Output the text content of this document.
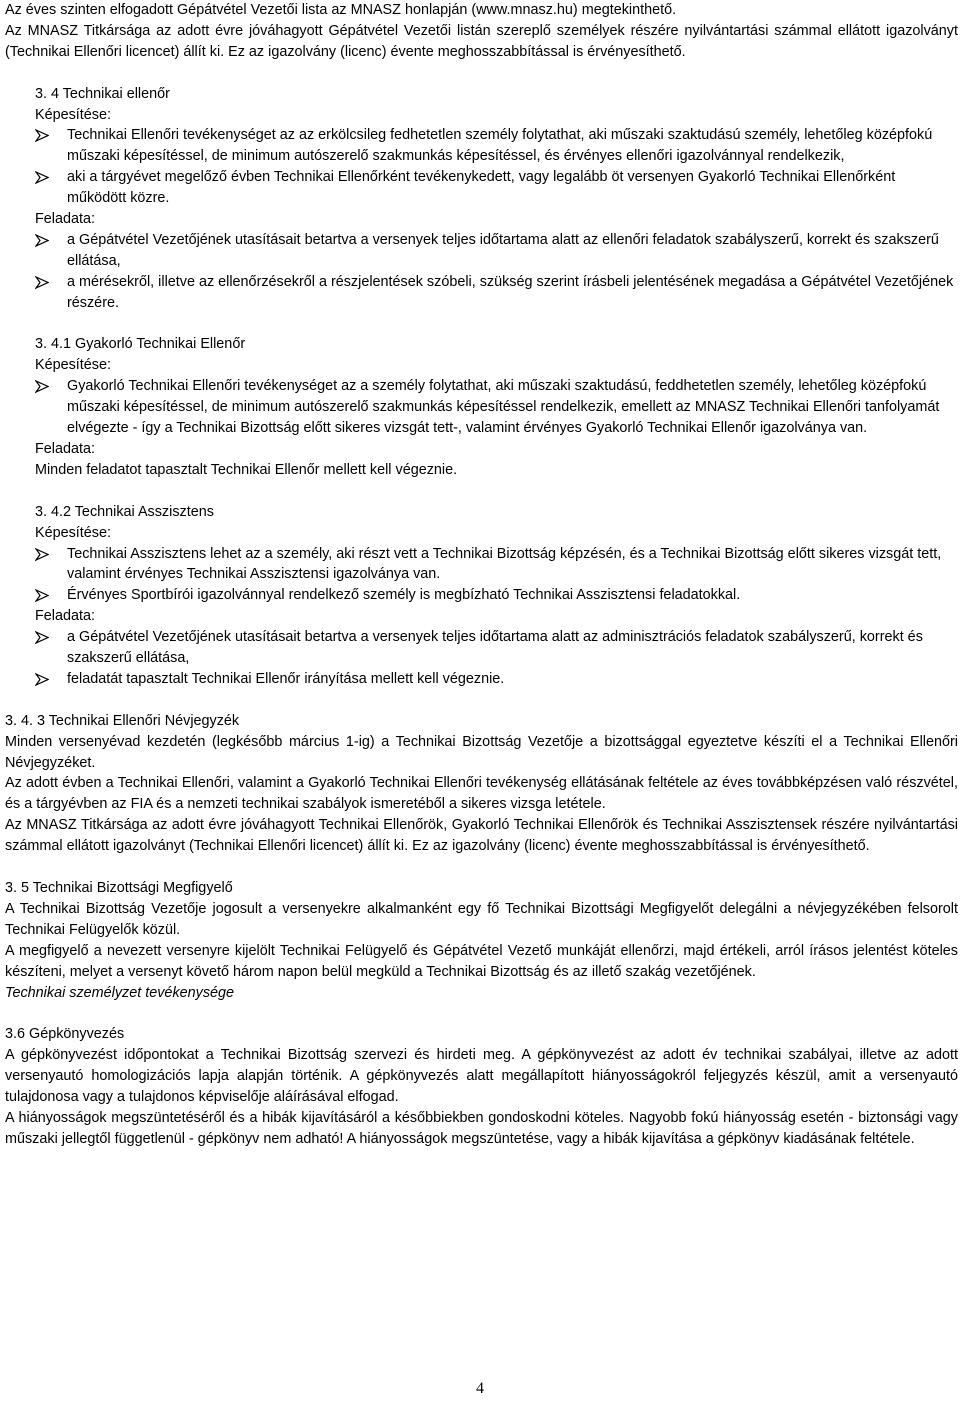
Az éves szinten elfogadott Gépátvétel Vezetői lista az MNASZ honlapján (www.mnasz.hu) megtekinthető.

Az MNASZ Titkársága az adott évre jóváhagyott Gépátvétel Vezetői listán szereplő személyek részére nyilvántartási számmal ellátott igazolványt (Technikai Ellenőri licencet) állít ki. Ez az igazolvány (licenc) évente meghosszabbítással is érvényesíthető.

3. 4 Technikai ellenőr

Képesítése:

Technikai Ellenőri tevékenységet az az erkölcsileg fedhetetlen személy folytathat, aki műszaki szaktudású személy, lehetőleg középfokú műszaki képesítéssel, de minimum autószerelő szakmunkás képesítéssel, és érvényes ellenőri igazolvánnyal rendelkezik,
aki a tárgyévet megelőző évben Technikai Ellenőrként tevékenykedett, vagy legalább öt versenyen Gyakorló Technikai Ellenőrként működött közre.

Feladata:

a Gépátvétel Vezetőjének utasításait betartva a versenyek teljes időtartama alatt az ellenőri feladatok szabályszerű, korrekt és szakszerű ellátása,
a mérésekről, illetve az ellenőrzésekről a részjelentések szóbeli, szükség szerint írásbeli jelentésének megadása a Gépátvétel Vezetőjének részére.

3. 4.1 Gyakorló Technikai Ellenőr

Képesítése:

Gyakorló Technikai Ellenőri tevékenységet az a személy folytathat, aki műszaki szaktudású, feddhetetlen személy, lehetőleg középfokú műszaki képesítéssel, de minimum autószerelő szakmunkás képesítéssel rendelkezik, emellett az MNASZ Technikai Ellenőri tanfolyamát elvégezte - így a Technikai Bizottság előtt sikeres vizsgát tett-, valamint érvényes Gyakorló Technikai Ellenőr igazolványa van.

Feladata:

Minden feladatot tapasztalt Technikai Ellenőr mellett kell végeznie.

3. 4.2 Technikai Asszisztens

Képesítése:

Technikai Asszisztens lehet az a személy, aki részt vett a Technikai Bizottság képzésén, és a Technikai Bizottság előtt sikeres vizsgát tett, valamint érvényes Technikai Asszisztensi igazolványa van.
Érvényes Sportbírói igazolvánnyal rendelkező személy is megbízható Technikai Asszisztensi feladatokkal.

Feladata:

a Gépátvétel Vezetőjének utasításait betartva a versenyek teljes időtartama alatt az adminisztrációs feladatok szabályszerű, korrekt és szakszerű ellátása,
feladatát tapasztalt Technikai Ellenőr irányítása mellett kell végeznie.

3. 4. 3 Technikai Ellenőri Névjegyzék

Minden versenyévad kezdetén (legkésőbb március 1-ig) a Technikai Bizottság Vezetője a bizottsággal egyeztetve készíti el a Technikai Ellenőri Névjegyzéket.

Az adott évben a Technikai Ellenőri, valamint a Gyakorló Technikai Ellenőri tevékenység ellátásának feltétele az éves továbbképzésen való részvétel, és a tárgyévben az FIA és a nemzeti technikai szabályok ismeretéből a sikeres vizsga letétele.

Az MNASZ Titkársága az adott évre jóváhagyott Technikai Ellenőrök, Gyakorló Technikai Ellenőrök és Technikai Asszisztensek részére nyilvántartási számmal ellátott igazolványt (Technikai Ellenőri licencet) állít ki. Ez az igazolvány (licenc) évente meghosszabbítással is érvényesíthető.

3. 5 Technikai Bizottsági Megfigyelő

A Technikai Bizottság Vezetője jogosult a versenyekre alkalmanként egy fő Technikai Bizottsági Megfigyelőt delegálni a névjegyzékében felsorolt Technikai Felügyelők közül.

A megfigyelő a nevezett versenyre kijelölt Technikai Felügyelő és Gépátvétel Vezető munkáját ellenőrzi, majd értékeli, arról írásos jelentést köteles készíteni, melyet a versenyt követő három napon belül megküld a Technikai Bizottság és az illető szakág vezetőjének.

Technikai személyzet tevékenysége

3.6 Gépkönyvezés

A gépkönyvezést időpontokat a Technikai Bizottság szervezi és hirdeti meg. A gépkönyvezést az adott év technikai szabályai, illetve az adott versenyautó homologizációs lapja alapján történik. A gépkönyvezés alatt megállapított hiányosságokról feljegyzés készül, amit a versenyautó tulajdonosa vagy a tulajdonos képviselője aláírásával elfogad.

A hiányosságok megszüntetéséről és a hibák kijavításáról a későbbiekben gondoskodni köteles. Nagyobb fokú hiányosság esetén - biztonsági vagy műszaki jellegtől függetlenül - gépkönyv nem adható! A hiányosságok megszüntetése, vagy a hibák kijavítása a gépkönyv kiadásának feltétele.

4
